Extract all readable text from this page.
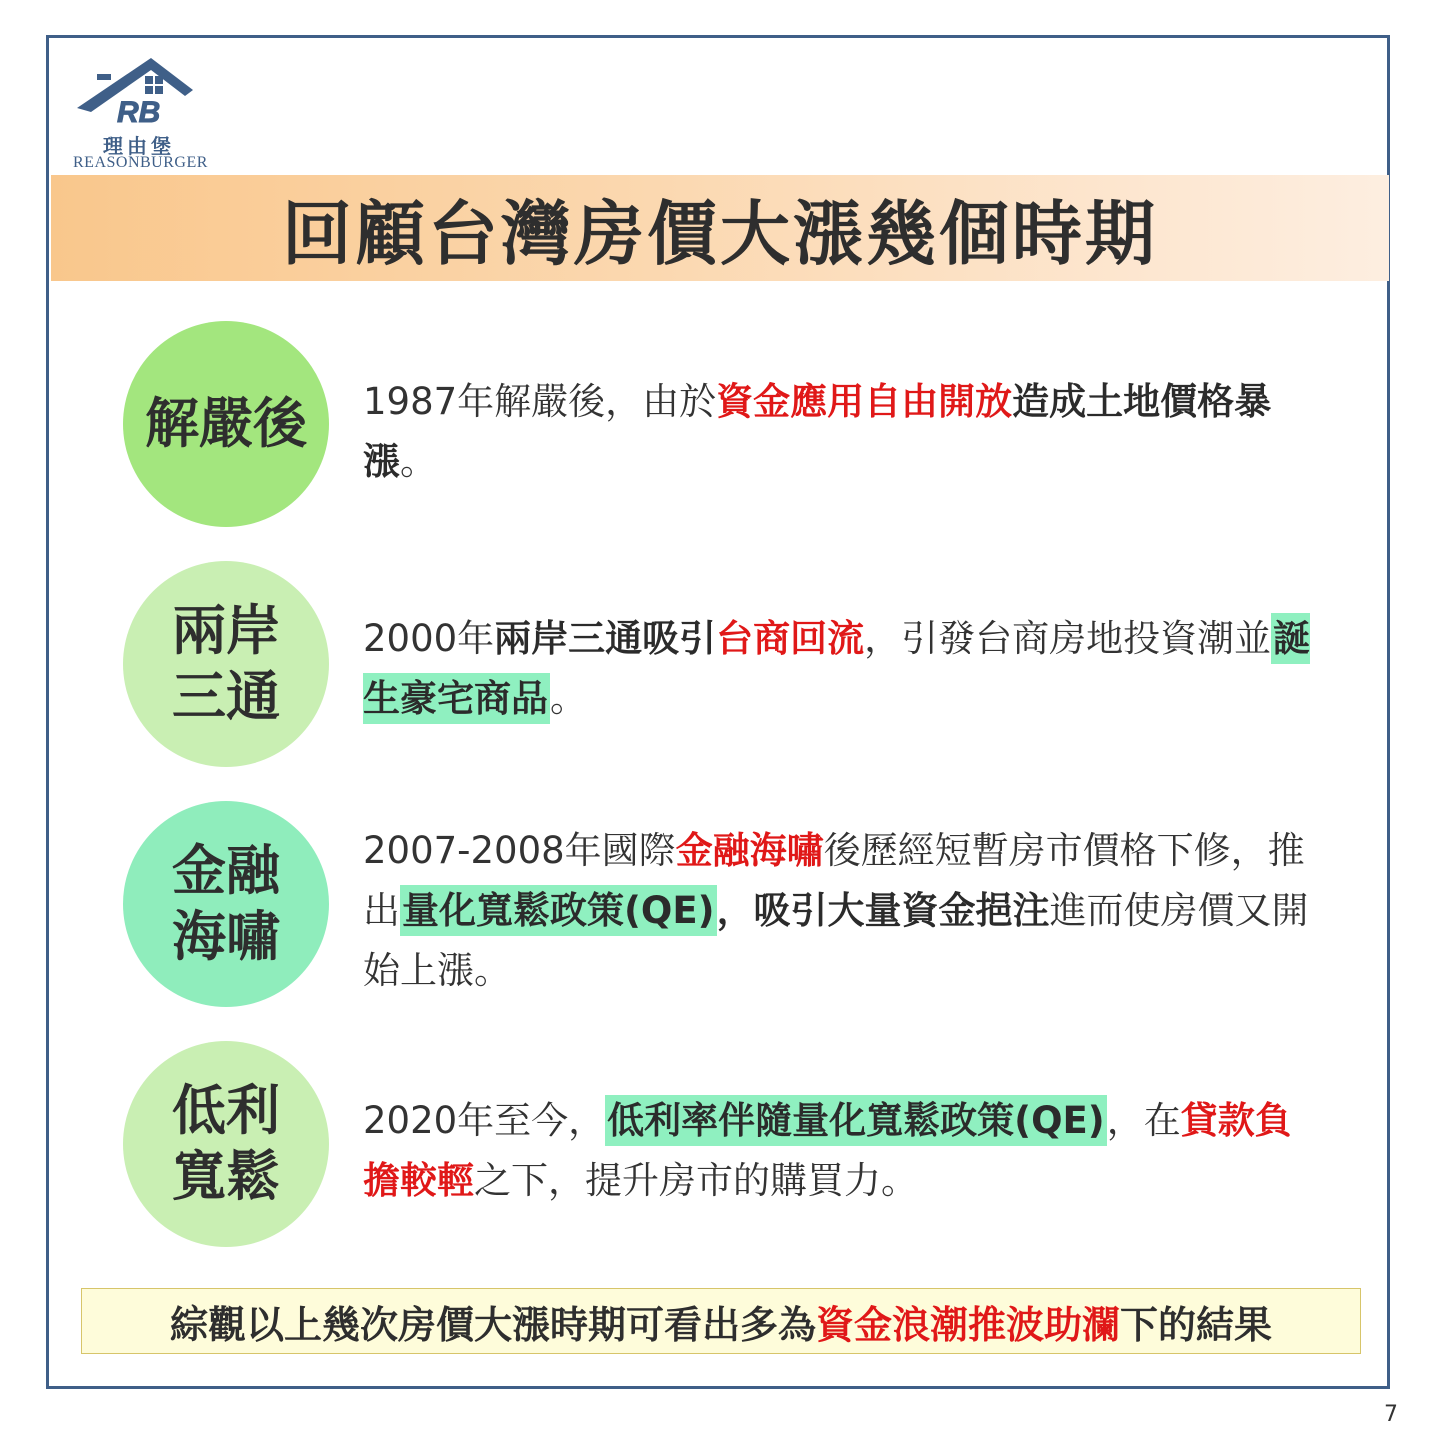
RB
理由堡
REASONBURGER
回顧台灣房價大漲幾個時期
解嚴後 1987年解嚴後，由於資金應用自由開放造成土地價格暴漲。
兩岸
三通
2000年兩岸三通吸引台商回流，引發台商房地投資潮並誕生豪宅商品。
金融
海嘯
2007-2008年國際金融海嘯後歷經短暫房市價格下修，推出量化寬鬆政策(QE)，吸引大量資金挹注進而使房價又開始上漲。
低利
寬鬆
2020年至今，低利率伴隨量化寬鬆政策(QE)，在貸款負擔較輕之下，提升房市的購買力。
綜觀以上幾次房價大漲時期可看出多為 資金浪潮推波助瀾 下的結果
7
